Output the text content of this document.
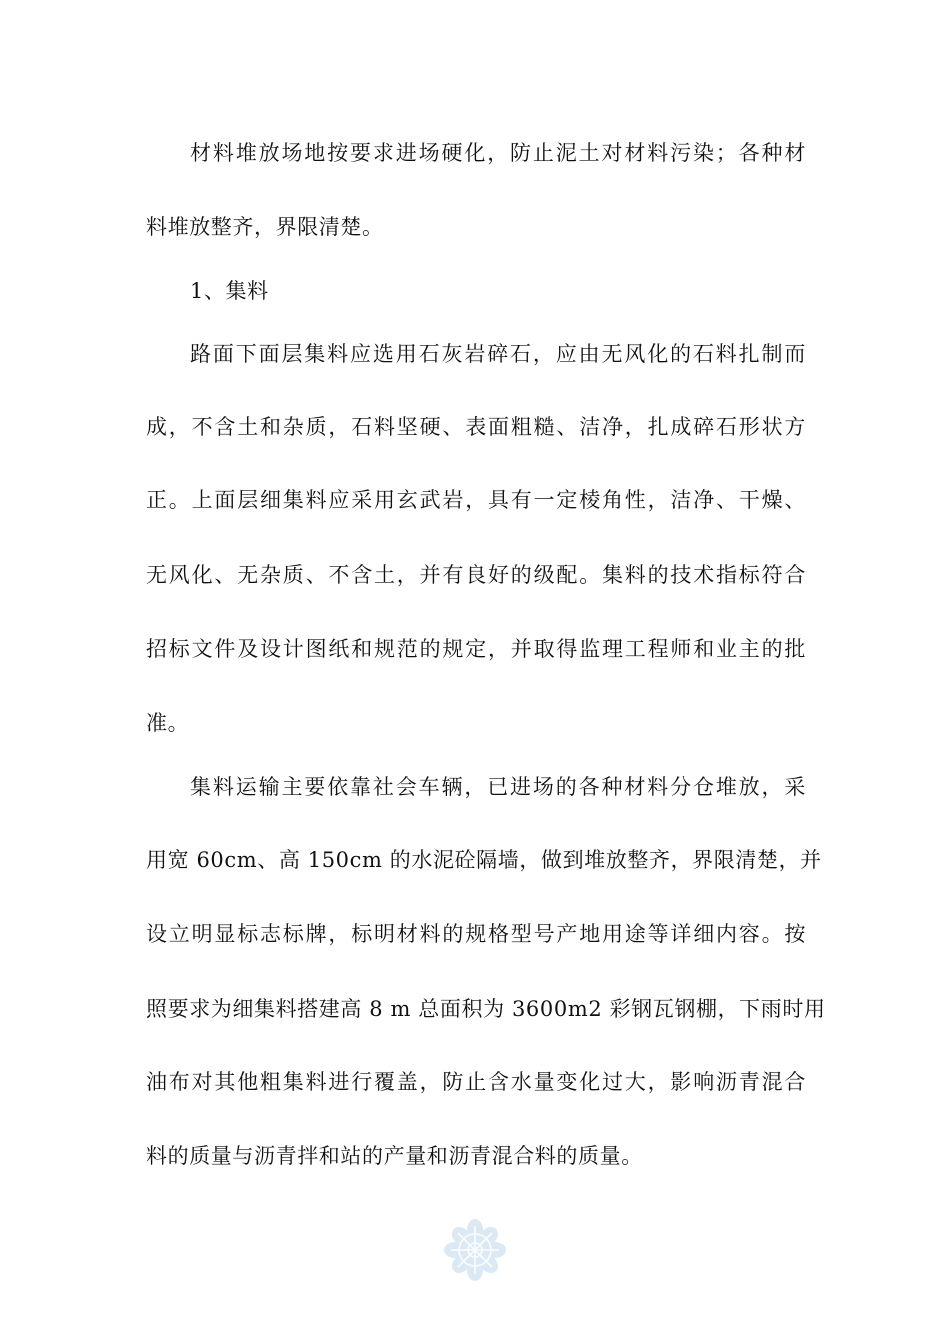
材料堆放场地按要求进场硬化，防止泥土对材料污染；各种材
料堆放整齐，界限清楚。
1、集料
路面下面层集料应选用石灰岩碎石，应由无风化的石料扎制而
成，不含土和杂质，石料坚硬、表面粗糙、洁净，扎成碎石形状方
正。上面层细集料应采用玄武岩，具有一定棱角性，洁净、干燥、
无风化、无杂质、不含土，并有良好的级配。集料的技术指标符合
招标文件及设计图纸和规范的规定，并取得监理工程师和业主的批
准。
集料运输主要依靠社会车辆，已进场的各种材料分仓堆放，采
用宽 60cm、高 150cm 的水泥砼隔墙，做到堆放整齐，界限清楚，并
设立明显标志标牌，标明材料的规格型号产地用途等详细内容。按
照要求为细集料搭建高 8 m 总面积为 3600m2 彩钢瓦钢棚，下雨时用
油布对其他粗集料进行覆盖，防止含水量变化过大，影响沥青混合
料的质量与沥青拌和站的产量和沥青混合料的质量。
